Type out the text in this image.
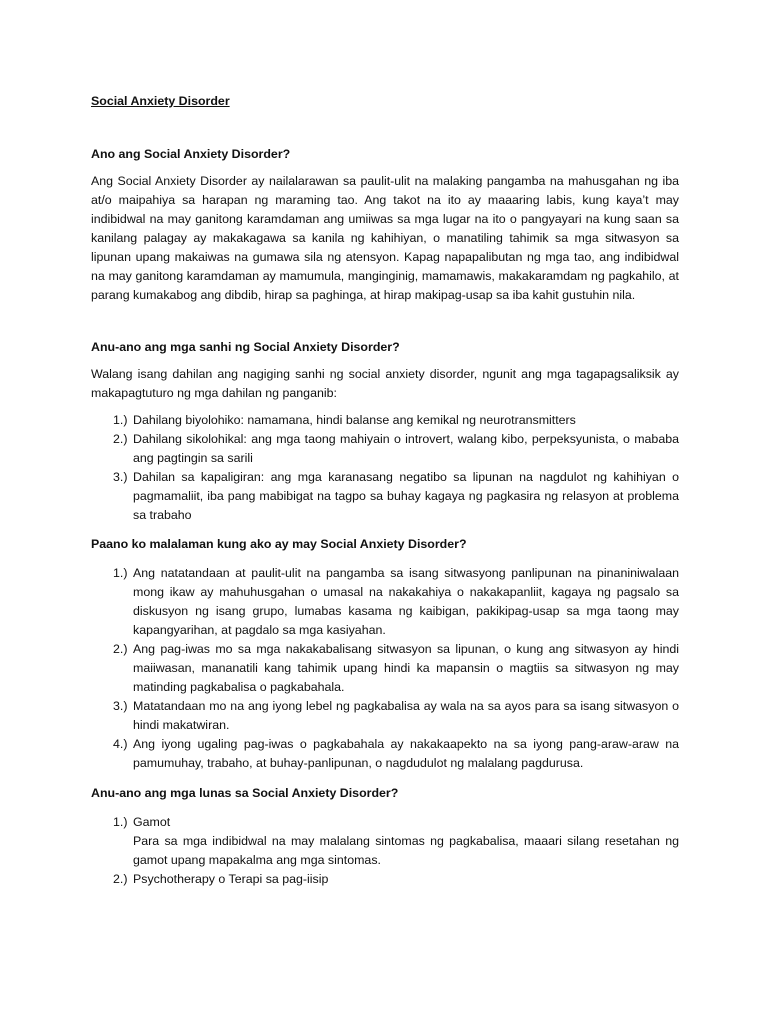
Social Anxiety Disorder
Ano ang Social Anxiety Disorder?

Ang Social Anxiety Disorder ay nailalarawan sa paulit-ulit na malaking pangamba na mahusgahan ng iba at/o maipahiya sa harapan ng maraming tao. Ang takot na ito ay maaaring labis, kung kaya’t may indibidwal na may ganitong karamdaman ang umiiwas sa mga lugar na ito o pangyayari na kung saan sa kanilang palagay ay makakagawa sa kanila ng kahihiyan, o manatiling tahimik sa mga sitwasyon sa lipunan upang makaiwas na gumawa sila ng atensyon. Kapag napapalibutan ng mga tao, ang indibidwal na may ganitong karamdaman ay mamumula, manginginig, mamamawis, makakaramdam ng pagkahilo, at parang kumakabog ang dibdib, hirap sa paghinga, at hirap makipag-usap sa iba kahit gustuhin nila.

Anu-ano ang mga sanhi ng Social Anxiety Disorder?

Walang isang dahilan ang nagiging sanhi ng social anxiety disorder, ngunit ang mga tagapagsaliksik ay makapagtuturo ng mga dahilan ng panganib:

1.) Dahilang biyolohiko: namamana, hindi balanse ang kemikal ng neurotransmitters
2.) Dahilang sikolohikal: ang mga taong mahiyain o introvert, walang kibo, perpeksyunista, o mababa ang pagtingin sa sarili
3.) Dahilan sa kapaligiran: ang mga karanasang negatibo sa lipunan na nagdulot ng kahihiyan o pagmamaliit, iba pang mabibigat na tagpo sa buhay kagaya ng pagkasira ng relasyon at problema sa trabaho
Paano ko malalaman kung ako ay may Social Anxiety Disorder?
1.) Ang natatandaan at paulit-ulit na pangamba sa isang sitwasyong panlipunan na pinaniniwalaan mong ikaw ay mahuhusgahan o umasal na nakakahiya o nakakapanliit, kagaya ng pagsalo sa diskusyon ng isang grupo, lumabas kasama ng kaibigan, pakikipag-usap sa mga taong may kapangyarihan, at pagdalo sa mga kasiyahan.
2.) Ang pag-iwas mo sa mga nakakabalisang sitwasyon sa lipunan, o kung ang sitwasyon ay hindi maiiwasan, mananatili kang tahimik upang hindi ka mapansin o magtiis sa sitwasyon ng may matinding pagkabalisa o pagkabahala.
3.) Matatandaan mo na ang iyong lebel ng pagkabalisa ay wala na sa ayos para sa isang sitwasyon o hindi makatwiran.
4.) Ang iyong ugaling pag-iwas o pagkabahala ay nakakaapekto na sa iyong pang-araw-araw na pamumuhay, trabaho, at buhay-panlipunan, o nagdudulot ng malalang pagdurusa.
Anu-ano ang mga lunas sa Social Anxiety Disorder?
1.) Gamot
Para sa mga indibidwal na may malalang sintomas ng pagkabalisa, maaari silang resetahan ng gamot upang mapakalma ang mga sintomas.
2.) Psychotherapy o Terapi sa pag-iisip
